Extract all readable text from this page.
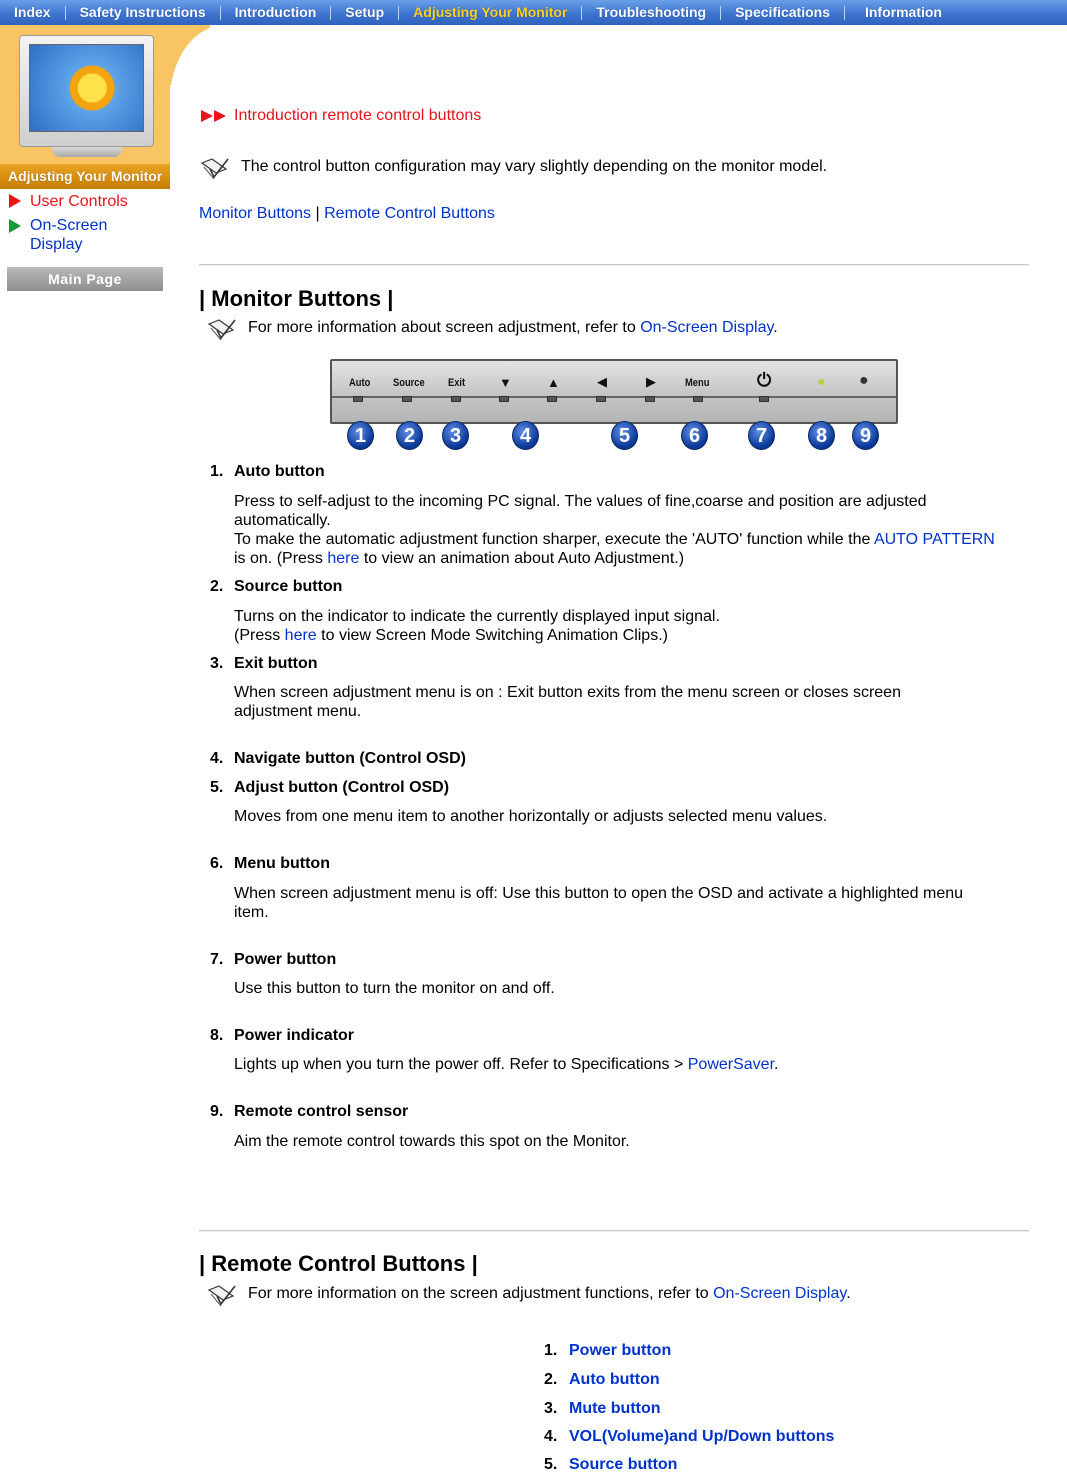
Index	Safety Instructions	Introduction	Setup	Adjusting Your Monitor	Troubleshooting	Specifications	Information
Adjusting Your Monitor
User Controls
On-Screen Display
Main Page
Introduction remote control buttons
The control button configuration may vary slightly depending on the monitor model.
Monitor Buttons | Remote Control Buttons
| Monitor Buttons |
For more information about screen adjustment, refer to On-Screen Display.
Auto Source Exit	▼	▲	◀	▶	Menu	⏻	● ●
1	2	3	4	5	6	7	8	9
1. Auto button
Press to self-adjust to the incoming PC signal. The values of fine,coarse and position are adjusted automatically.
To make the automatic adjustment function sharper, execute the 'AUTO' function while the AUTO PATTERN is on. (Press here to view an animation about Auto Adjustment.)
2. Source button
Turns on the indicator to indicate the currently displayed input signal.
(Press here to view Screen Mode Switching Animation Clips.)
3. Exit button
When screen adjustment menu is on : Exit button exits from the menu screen or closes screen adjustment menu.
4. Navigate button (Control OSD)
5. Adjust button (Control OSD)
Moves from one menu item to another horizontally or adjusts selected menu values.
6. Menu button
When screen adjustment menu is off: Use this button to open the OSD and activate a highlighted menu item.
7. Power button
Use this button to turn the monitor on and off.
8. Power indicator
Lights up when you turn the power off. Refer to Specifications > PowerSaver.
9. Remote control sensor
Aim the remote control towards this spot on the Monitor.
| Remote Control Buttons |
For more information on the screen adjustment functions, refer to On-Screen Display.
1. Power button
2. Auto button
3. Mute button
4. VOL(Volume)and Up/Down buttons
5. Source button
